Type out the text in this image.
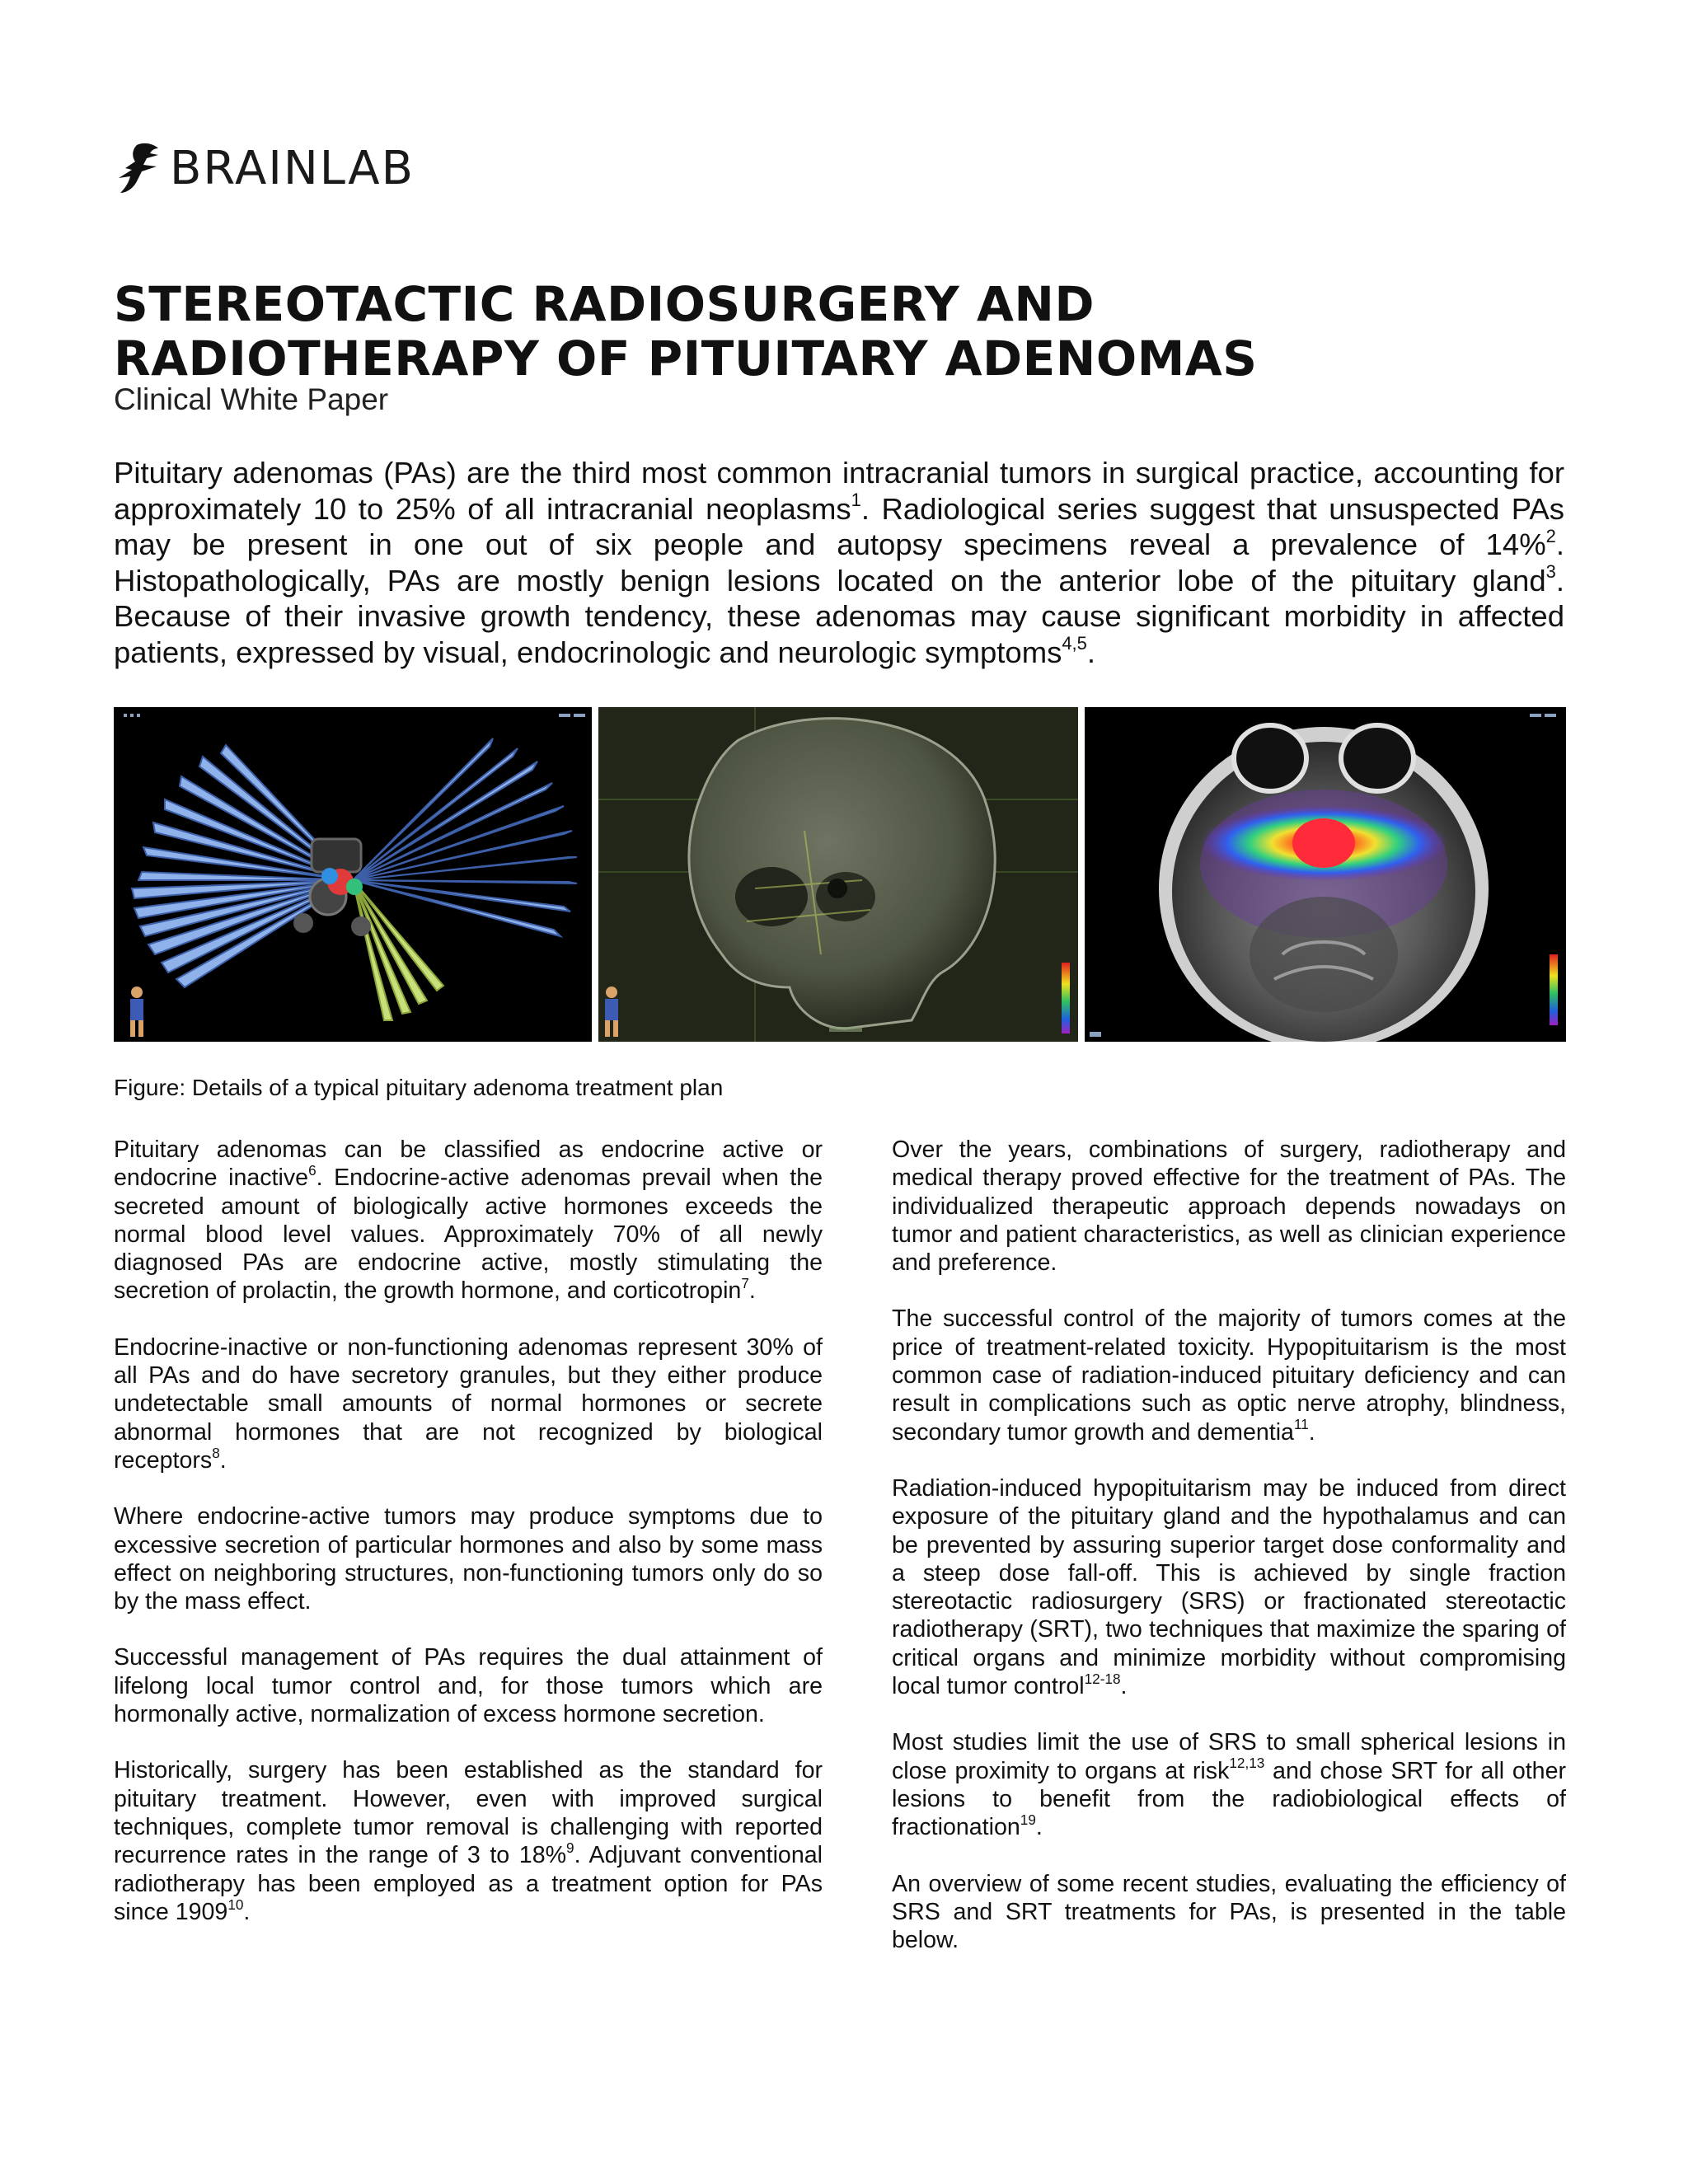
BRAINLAB
STEREOTACTIC RADIOSURGERY AND
RADIOTHERAPY OF PITUITARY ADENOMAS

Clinical White Paper

Pituitary adenomas (PAs) are the third most common intracranial tumors in surgical practice, accounting for approximately 10 to 25% of all intracranial neoplasms$^1$. Radiological series suggest that unsuspected PAs may be present in one out of six people and autopsy specimens reveal a prevalence of 14%$^2$. Histopathologically, PAs are mostly benign lesions located on the anterior lobe of the pituitary gland$^3$. Because of their invasive growth tendency, these adenomas may cause significant morbidity in affected patients, expressed by visual, endocrinologic and neurologic symptoms$^{4,5}$.

Figure: Details of a typical pituitary adenoma treatment plan

Pituitary adenomas can be classified as endocrine active or endocrine inactive$^6$. Endocrine-active adenomas prevail when the secreted amount of biologically active hormones exceeds the normal blood level values. Approximately 70% of all newly diagnosed PAs are endocrine active, mostly stimulating the secretion of prolactin, the growth hormone, and corticotropin$^7$.

Endocrine-inactive or non-functioning adenomas represent 30% of all PAs and do have secretory granules, but they either produce undetectable small amounts of normal hormones or secrete abnormal hormones that are not recognized by biological receptors$^8$.

Where endocrine-active tumors may produce symptoms due to excessive secretion of particular hormones and also by some mass effect on neighboring structures, non-functioning tumors only do so by the mass effect.

Successful management of PAs requires the dual attainment of lifelong local tumor control and, for those tumors which are hormonally active, normalization of excess hormone secretion.

Historically, surgery has been established as the standard for pituitary treatment. However, even with improved surgical techniques, complete tumor removal is challenging with reported recurrence rates in the range of 3 to 18%$^9$. Adjuvant conventional radiotherapy has been employed as a treatment option for PAs since 1909$^{10}$.

Over the years, combinations of surgery, radiotherapy and medical therapy proved effective for the treatment of PAs. The individualized therapeutic approach depends nowadays on tumor and patient characteristics, as well as clinician experience and preference.

The successful control of the majority of tumors comes at the price of treatment-related toxicity. Hypopituitarism is the most common case of radiation-induced pituitary deficiency and can result in complications such as optic nerve atrophy, blindness, secondary tumor growth and dementia$^{11}$.

Radiation-induced hypopituitarism may be induced from direct exposure of the pituitary gland and the hypothalamus and can be prevented by assuring superior target dose conformality and a steep dose fall-off. This is achieved by single fraction stereotactic radiosurgery (SRS) or fractionated stereotactic radiotherapy (SRT), two techniques that maximize the sparing of critical organs and minimize morbidity without compromising local tumor control$^{12-18}$.

Most studies limit the use of SRS to small spherical lesions in close proximity to organs at risk$^{12,13}$ and chose SRT for all other lesions to benefit from the radiobiological effects of fractionation$^{19}$.

An overview of some recent studies, evaluating the efficiency of SRS and SRT treatments for PAs, is presented in the table below.
